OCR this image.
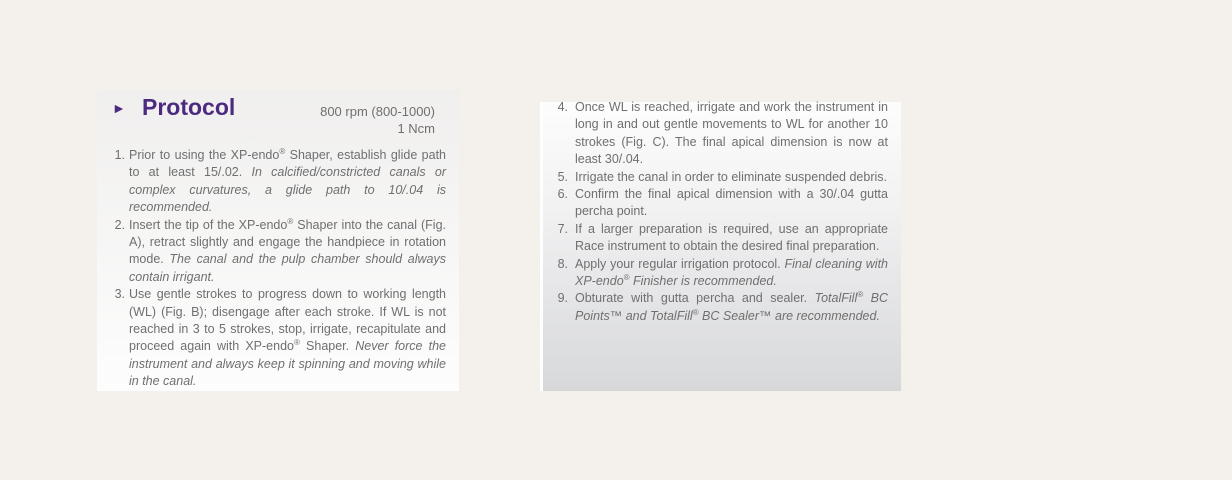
► Protocol	800 rpm (800-1000)
1 Ncm
1. Prior to using the XP-endo® Shaper, establish glide path to at least 15/.02. In calcified/constricted canals or complex curvatures, a glide path to 10/.04 is recommended.
2. Insert the tip of the XP-endo® Shaper into the canal (Fig. A), retract slightly and engage the handpiece in rotation mode. The canal and the pulp chamber should always contain irrigant.
3. Use gentle strokes to progress down to working length (WL) (Fig. B); disengage after each stroke. If WL is not reached in 3 to 5 strokes, stop, irrigate, recapitulate and proceed again with XP-endo® Shaper. Never force the instrument and always keep it spinning and moving while in the canal.
4. Once WL is reached, irrigate and work the instrument in long in and out gentle movements to WL for another 10 strokes (Fig. C). The final apical dimension is now at least 30/.04.
5. Irrigate the canal in order to eliminate suspended debris.
6. Confirm the final apical dimension with a 30/.04 gutta percha point.
7. If a larger preparation is required, use an appropriate Race instrument to obtain the desired final preparation.
8. Apply your regular irrigation protocol. Final cleaning with XP-endo® Finisher is recommended.
9. Obturate with gutta percha and sealer. TotalFill® BC Points™ and TotalFill® BC Sealer™ are recommended.
